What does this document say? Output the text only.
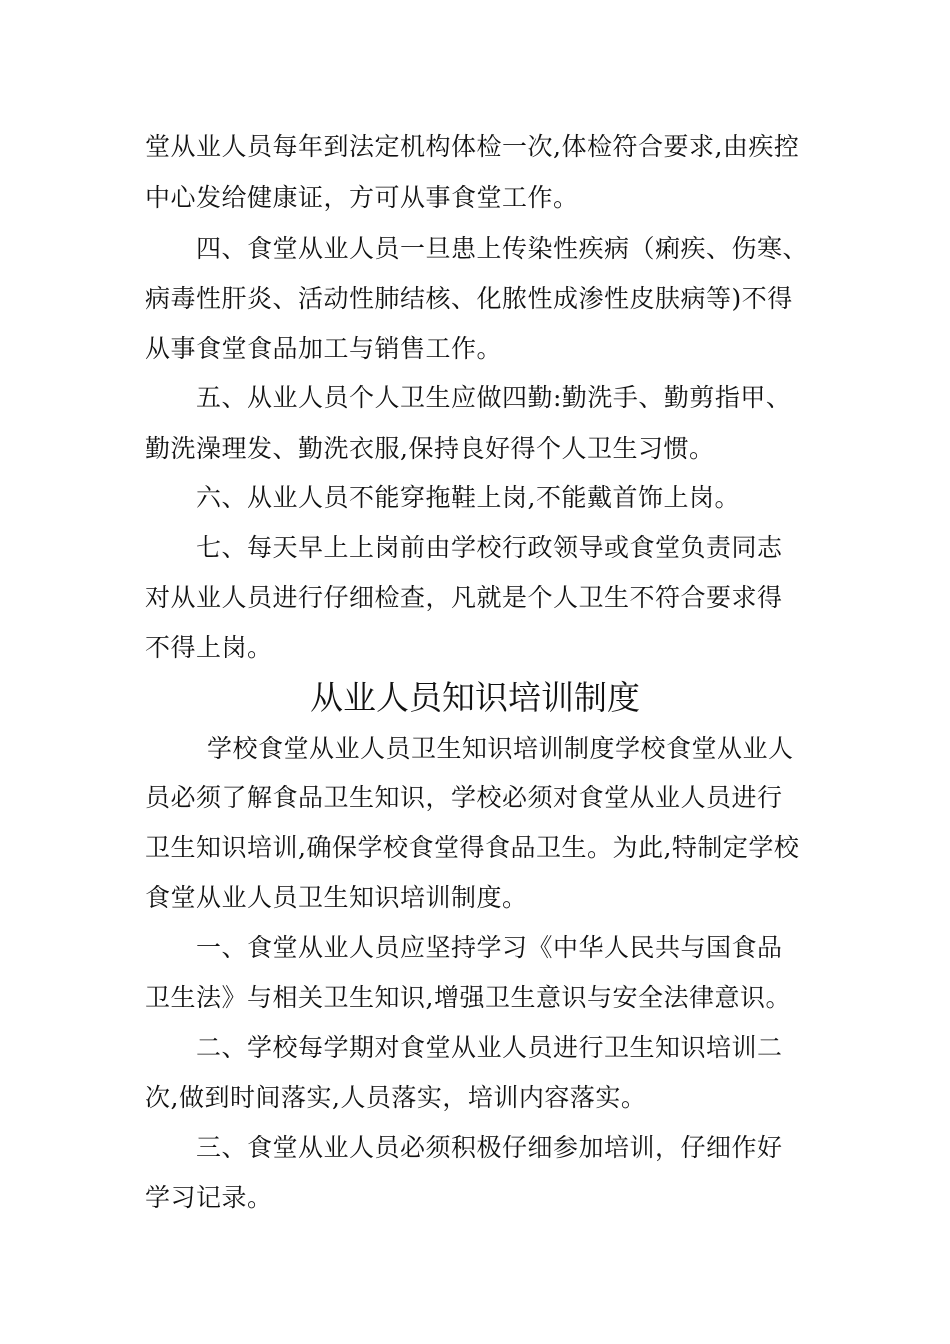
堂从业人员每年到法定机构体检一次,体检符合要求,由疾控
中心发给健康证，方可从事食堂工作。
四、食堂从业人员一旦患上传染性疾病（痢疾、伤寒、
病毒性肝炎、活动性肺结核、化脓性成渗性皮肤病等)不得
从事食堂食品加工与销售工作。
五、从业人员个人卫生应做四勤:勤洗手、勤剪指甲、
勤洗澡理发、勤洗衣服,保持良好得个人卫生习惯。
六、从业人员不能穿拖鞋上岗,不能戴首饰上岗。
七、每天早上上岗前由学校行政领导或食堂负责同志
对从业人员进行仔细检查，凡就是个人卫生不符合要求得
不得上岗。
从业人员知识培训制度
学校食堂从业人员卫生知识培训制度学校食堂从业人
员必须了解食品卫生知识，学校必须对食堂从业人员进行
卫生知识培训,确保学校食堂得食品卫生。为此,特制定学校
食堂从业人员卫生知识培训制度。
一、食堂从业人员应坚持学习《中华人民共与国食品
卫生法》与相关卫生知识,增强卫生意识与安全法律意识。
二、学校每学期对食堂从业人员进行卫生知识培训二
次,做到时间落实,人员落实，培训内容落实。
三、食堂从业人员必须积极仔细参加培训，仔细作好
学习记录。
